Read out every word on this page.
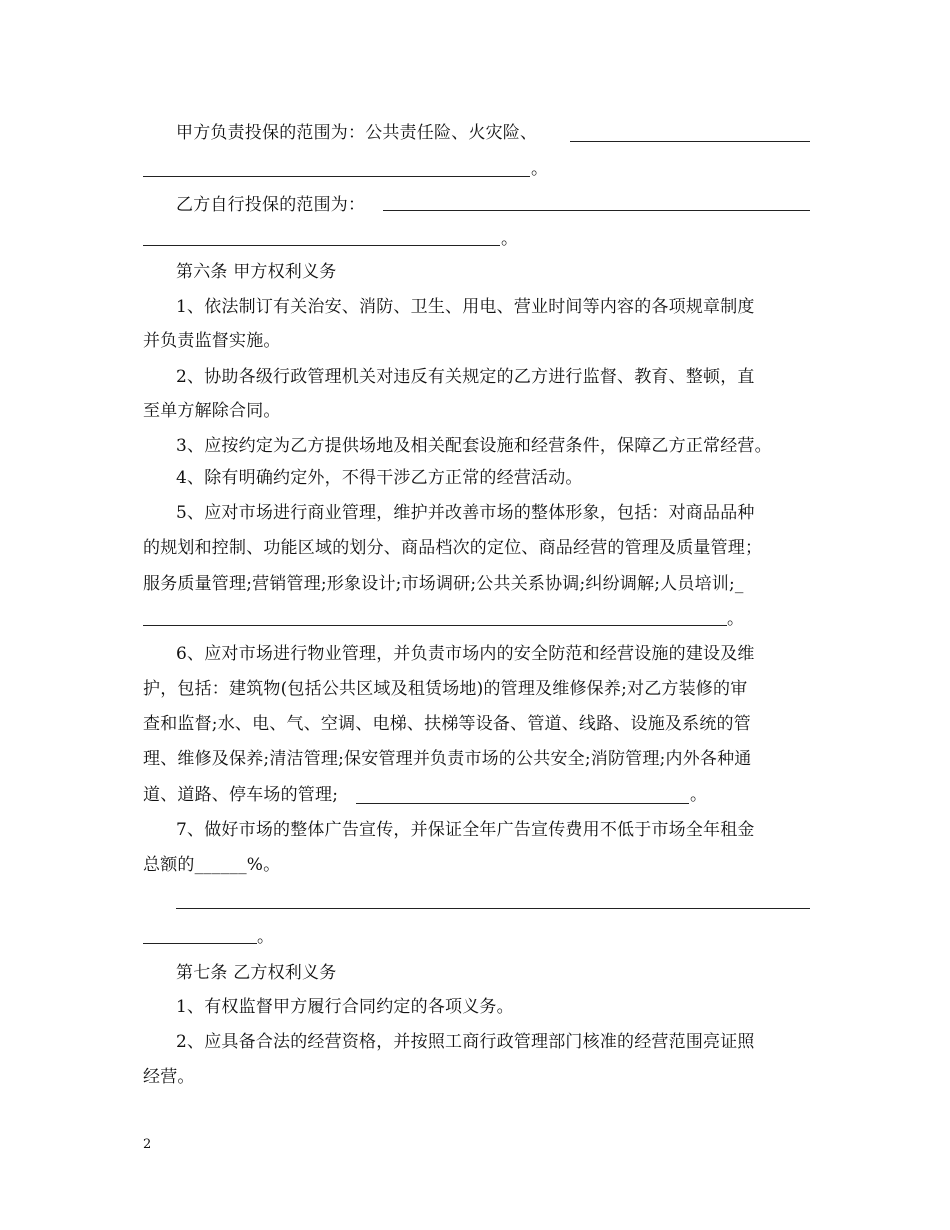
甲方负责投保的范围为：公共责任险、火灾险、
。
乙方自行投保的范围为：
。
第六条 甲方权利义务
1、依法制订有关治安、消防、卫生、用电、营业时间等内容的各项规章制度
并负责监督实施。
2、协助各级行政管理机关对违反有关规定的乙方进行监督、教育、整顿，直
至单方解除合同。
3、应按约定为乙方提供场地及相关配套设施和经营条件，保障乙方正常经营。
4、除有明确约定外，不得干涉乙方正常的经营活动。
5、应对市场进行商业管理，维护并改善市场的整体形象，包括：对商品品种
的规划和控制、功能区域的划分、商品档次的定位、商品经营的管理及质量管理；
服务质量管理;营销管理;形象设计;市场调研;公共关系协调;纠纷调解;人员培训;_
。
6、应对市场进行物业管理，并负责市场内的安全防范和经营设施的建设及维
护，包括：建筑物(包括公共区域及租赁场地)的管理及维修保养;对乙方装修的审
查和监督;水、电、气、空调、电梯、扶梯等设备、管道、线路、设施及系统的管
理、维修及保养;清洁管理;保安管理并负责市场的公共安全;消防管理;内外各种通
道、道路、停车场的管理;	。
7、做好市场的整体广告宣传，并保证全年广告宣传费用不低于市场全年租金
总额的______%。
。
第七条 乙方权利义务
1、有权监督甲方履行合同约定的各项义务。
2、应具备合法的经营资格，并按照工商行政管理部门核准的经营范围亮证照
经营。
2
